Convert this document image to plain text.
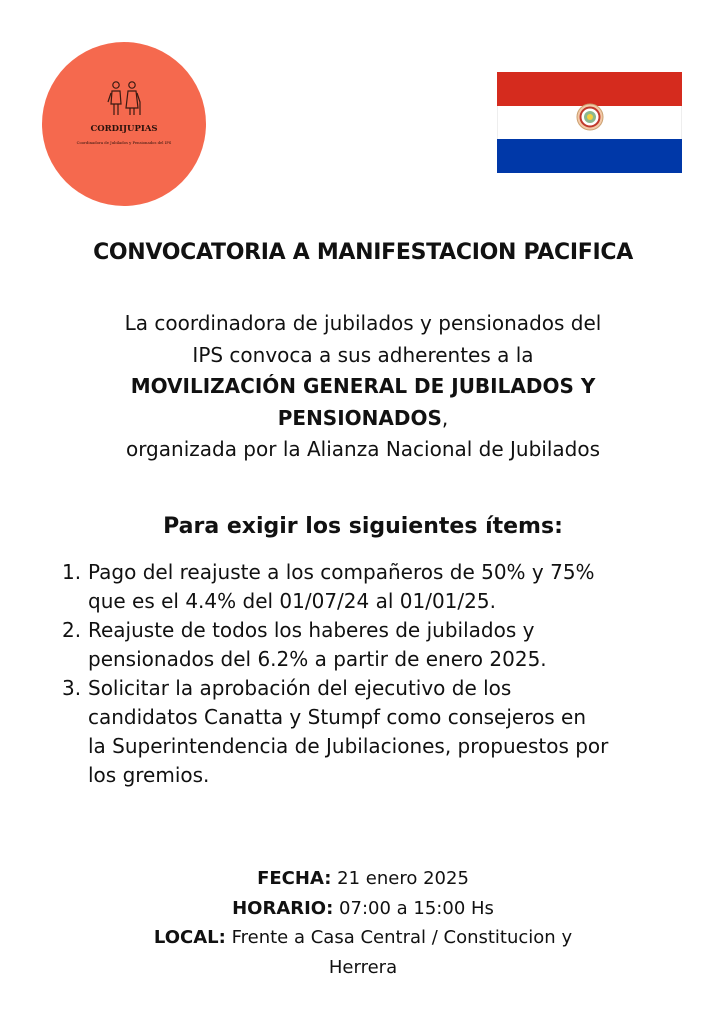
CORDIJUPIAS
Coordinadora de Jubilados y Pensionados del IPS
CONVOCATORIA A MANIFESTACION PACIFICA
La coordinadora de jubilados y pensionados del
IPS convoca a sus adherentes a la
MOVILIZACIÓN GENERAL DE JUBILADOS Y
PENSIONADOS,
organizada por la Alianza Nacional de Jubilados
Para exigir los siguientes ítems:
1. Pago del reajuste a los compañeros de 50% y 75%
que es el 4.4% del 01/07/24 al 01/01/25.
2. Reajuste de todos los haberes de jubilados y
pensionados del 6.2% a partir de enero 2025.
3. Solicitar la aprobación del ejecutivo de los
candidatos Canatta y Stumpf como consejeros en
la Superintendencia de Jubilaciones, propuestos por
los gremios.
FECHA: 21 enero 2025
HORARIO: 07:00 a 15:00 Hs
LOCAL: Frente a Casa Central / Constitucion y
Herrera
